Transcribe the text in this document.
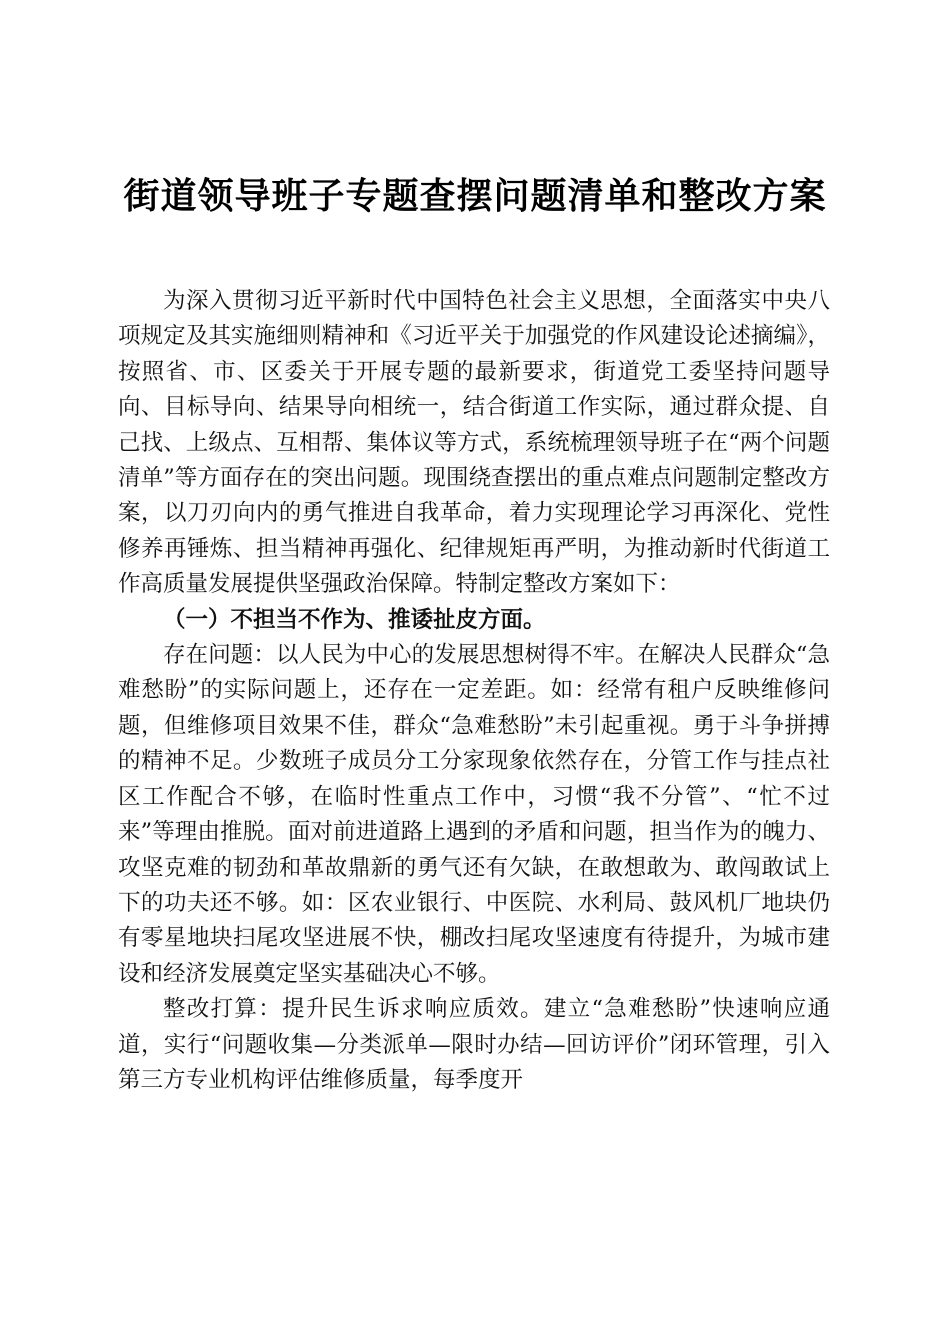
街道领导班子专题查摆问题清单和整改方案

为深入贯彻习近平新时代中国特色社会主义思想，全面落实中央八项规定及其实施细则精神和《习近平关于加强党的作风建设论述摘编》，按照省、市、区委关于开展专题的最新要求，街道党工委坚持问题导向、目标导向、结果导向相统一，结合街道工作实际，通过群众提、自己找、上级点、互相帮、集体议等方式，系统梳理领导班子在“两个问题清单”等方面存在的突出问题。现围绕查摆出的重点难点问题制定整改方案，以刀刃向内的勇气推进自我革命，着力实现理论学习再深化、党性修养再锤炼、担当精神再强化、纪律规矩再严明，为推动新时代街道工作高质量发展提供坚强政治保障。特制定整改方案如下：

（一）不担当不作为、推诿扯皮方面。

存在问题：以人民为中心的发展思想树得不牢。在解决人民群众“急难愁盼”的实际问题上，还存在一定差距。如：经常有租户反映维修问题，但维修项目效果不佳，群众“急难愁盼”未引起重视。勇于斗争拼搏的精神不足。少数班子成员分工分家现象依然存在，分管工作与挂点社区工作配合不够，在临时性重点工作中，习惯“我不分管”、“忙不过来”等理由推脱。面对前进道路上遇到的矛盾和问题，担当作为的魄力、攻坚克难的韧劲和革故鼎新的勇气还有欠缺，在敢想敢为、敢闯敢试上下的功夫还不够。如：区农业银行、中医院、水利局、鼓风机厂地块仍有零星地块扫尾攻坚进展不快，棚改扫尾攻坚速度有待提升，为城市建设和经济发展奠定坚实基础决心不够。

整改打算：提升民生诉求响应质效。建立“急难愁盼”快速响应通道，实行“问题收集—分类派单—限时办结—回访评价”闭环管理，引入第三方专业机构评估维修质量，每季度开
